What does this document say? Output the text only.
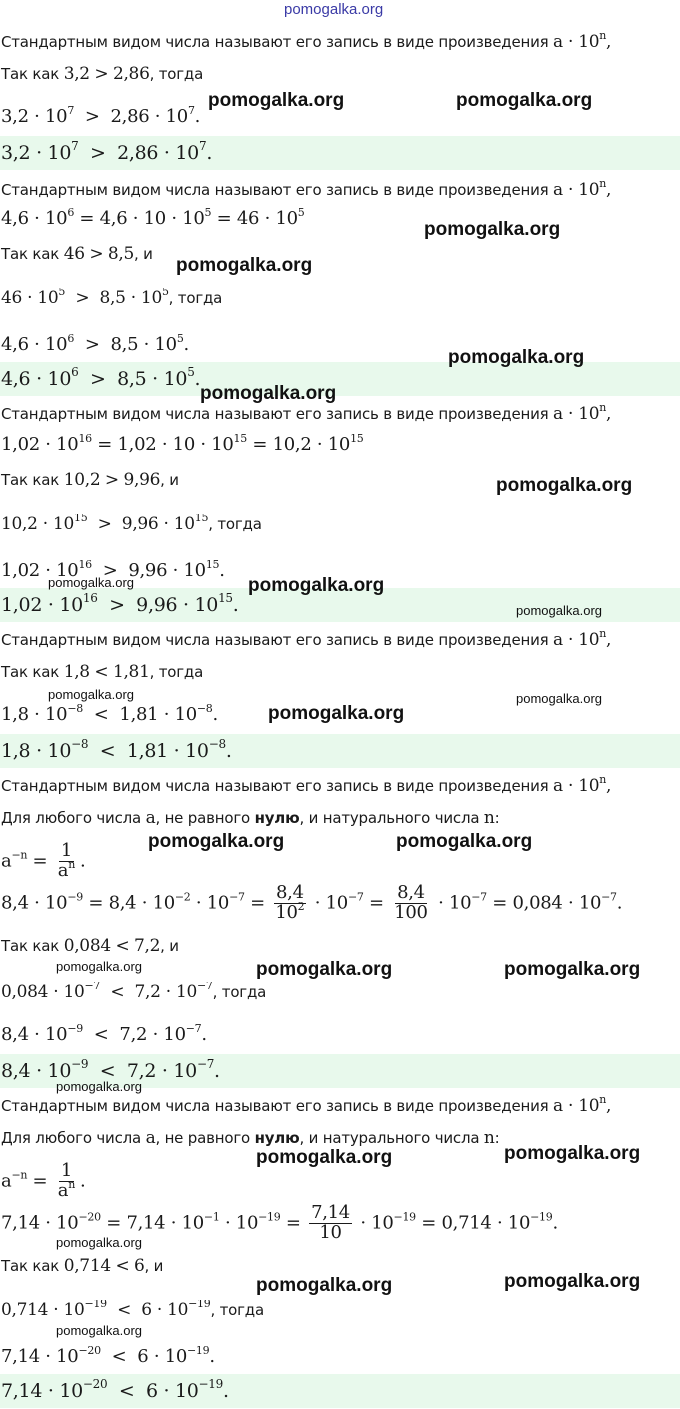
pomogalka.org
Стандартным видом числа называют его запись в виде произведения $a \cdot 10^n$,
Так как 3,2 > 2,86, тогда
$3,2 \cdot 10^7 > 2,86 \cdot 10^7$.
$3,2 \cdot 10^7 > 2,86 \cdot 10^7$.
Стандартным видом числа называют его запись в виде произведения $a \cdot 10^n$,
$4,6 \cdot 10^6 = 4,6 \cdot 10 \cdot 10^5 = 46 \cdot 10^5$
Так как 46 > 8,5, и
$46 \cdot 10^5 > 8,5 \cdot 10^5$, тогда
$4,6 \cdot 10^6 > 8,5 \cdot 10^5$.
$4,6 \cdot 10^6 > 8,5 \cdot 10^5$.
Стандартным видом числа называют его запись в виде произведения $a \cdot 10^n$,
$1,02 \cdot 10^{16} = 1,02 \cdot 10 \cdot 10^{15} = 10,2 \cdot 10^{15}$
Так как 10,2 > 9,96, и
$10,2 \cdot 10^{15} > 9,96 \cdot 10^{15}$, тогда
$1,02 \cdot 10^{16} > 9,96 \cdot 10^{15}$.
$1,02 \cdot 10^{16} > 9,96 \cdot 10^{15}$.
Стандартным видом числа называют его запись в виде произведения $a \cdot 10^n$,
Так как 1,8 < 1,81, тогда
$1,8 \cdot 10^{-8} < 1,81 \cdot 10^{-8}$.
$1,8 \cdot 10^{-8} < 1,81 \cdot 10^{-8}$.
Стандартным видом числа называют его запись в виде произведения $a \cdot 10^n$,
Для любого числа a, не равного нулю, и натурального числа n:
$a^{-n} = \frac{1}{a^n}$ .
$8,4 \cdot 10^{-9} = 8,4 \cdot 10^{-2} \cdot 10^{-7} = \frac{8,4}{10^2} \cdot 10^{-7} = \frac{8,4}{100} \cdot 10^{-7} = 0,084 \cdot 10^{-7}$.
Так как 0,084 < 7,2, и
$0,084 \cdot 10^{-7} < 7,2 \cdot 10^{-7}$, тогда
$8,4 \cdot 10^{-9} < 7,2 \cdot 10^{-7}$.
$8,4 \cdot 10^{-9} < 7,2 \cdot 10^{-7}$.
Стандартным видом числа называют его запись в виде произведения $a \cdot 10^n$,
Для любого числа a, не равного нулю, и натурального числа n:
$a^{-n} = \frac{1}{a^n}$ .
$7,14 \cdot 10^{-20} = 7,14 \cdot 10^{-1} \cdot 10^{-19} = \frac{7,14}{10} \cdot 10^{-19} = 0,714 \cdot 10^{-19}$.
Так как 0,714 < 6, и
$0,714 \cdot 10^{-19} < 6 \cdot 10^{-19}$, тогда
$7,14 \cdot 10^{-20} < 6 \cdot 10^{-19}$.
$7,14 \cdot 10^{-20} < 6 \cdot 10^{-19}$.
pomogalka.org	pomogalka.org
pomogalka.org
pomogalka.org
pomogalka.org
pomogalka.org
pomogalka.org
pomogalka.org	pomogalka.org
pomogalka.org
pomogalka.org	pomogalka.org
pomogalka.org
pomogalka.org	pomogalka.org
pomogalka.org	pomogalka.org	pomogalka.org
pomogalka.org
pomogalka.org	pomogalka.org
pomogalka.org
pomogalka.org	pomogalka.org
pomogalka.org
